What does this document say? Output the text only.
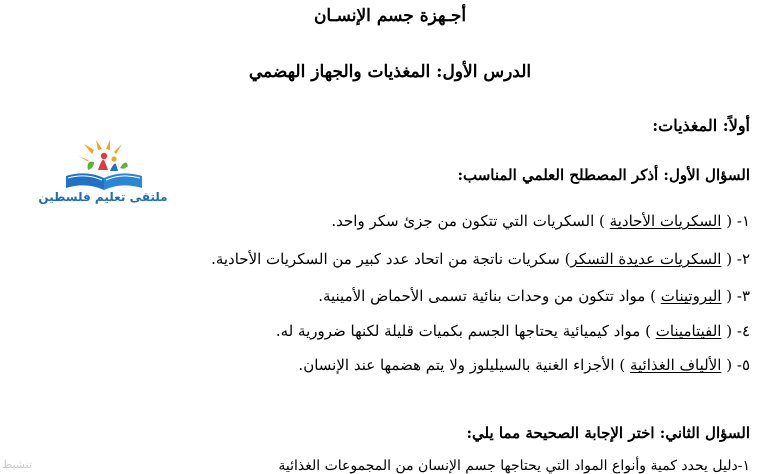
أجـهزة جسم الإنسـان
الدرس الأول: المغذيات والجهاز الهضمي
أولاً: المغذيات:
ملتقى تعليم فلسطين
السؤال الأول: أذكر المصطلح العلمي المناسب:
١- ( السكريات الأحادية ) السكريات التي تتكون من جزئ سكر واحد.
٢- ( السكريات عديدة التسكر) سكريات ناتجة من اتحاد عدد كبير من السكريات الأحادية.
٣- ( البروتينات ) مواد تتكون من وحدات بنائية تسمى الأحماض الأمينية.
٤- ( الفيتامينات ) مواد كيميائية يحتاجها الجسم بكميات قليلة لكنها ضرورية له.
٥- ( الألياف الغذائية ) الأجزاء الغنية بالسيليلوز ولا يتم هضمها عند الإنسان.
السؤال الثاني: اختر الإجابة الصحيحة مما يلي:
١-دليل يحدد كمية وأنواع المواد التي يحتاجها جسم الإنسان من المجموعات الغذائية
تنشيط
